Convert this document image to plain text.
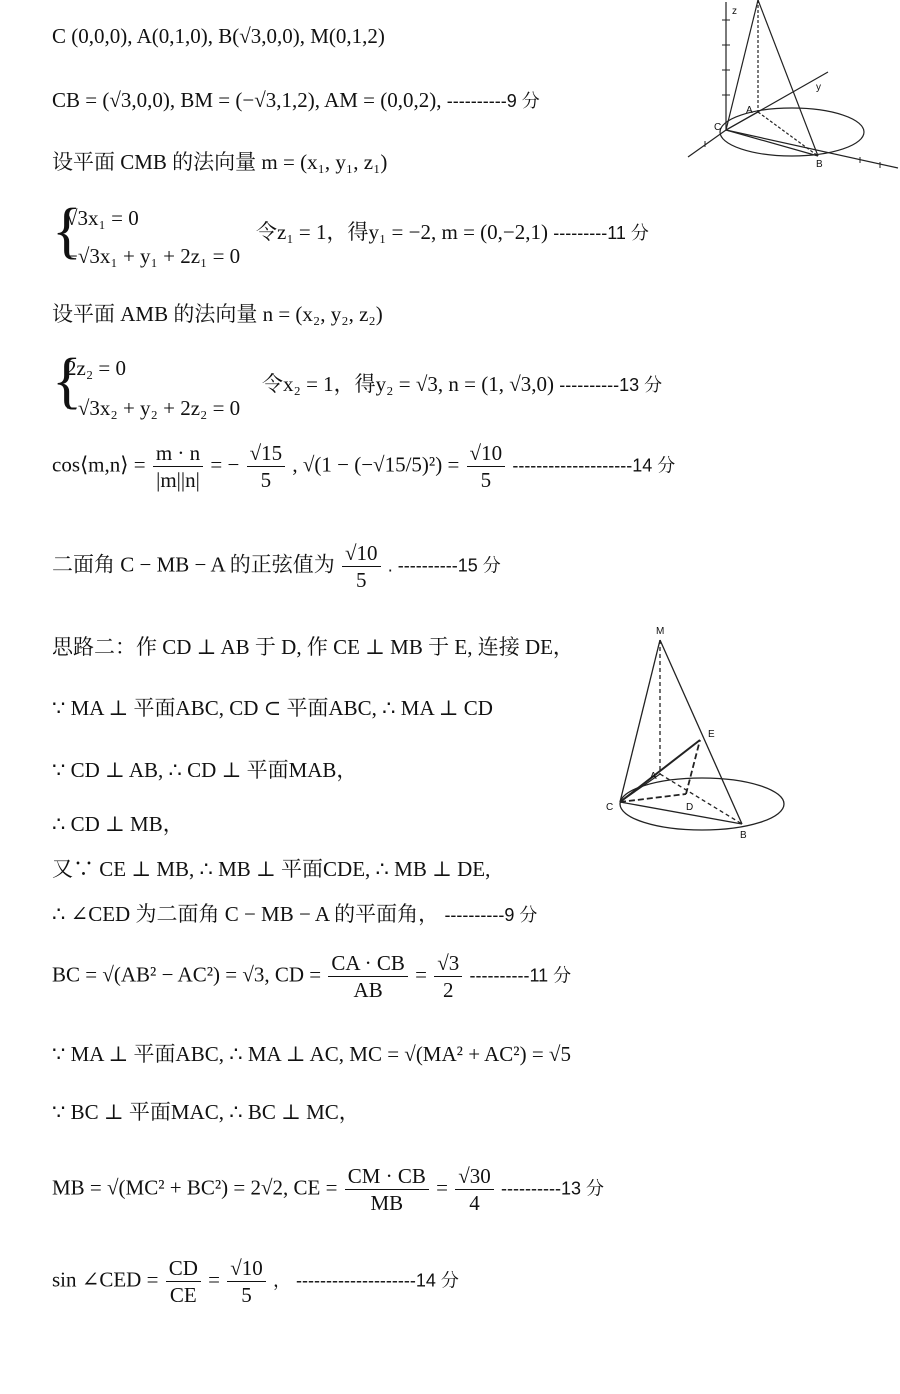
C (0,0,0), A(0,1,0), B(√3,0,0), M(0,1,2)
CB = (√3,0,0), BM = (−√3,1,2), AM = (0,0,2), ----------9 分
设平面 CMB 的法向量 m = (x₁, y₁, z₁)
{
√3x₁ = 0
−√3x₁ + y₁ + 2z₁ = 0
令z₁ = 1，得y₁ = −2, m = (0,−2,1) ---------11 分
设平面 AMB 的法向量 n = (x₂, y₂, z₂)
{
2z₂ = 0
−√3x₂ + y₂ + 2z₂ = 0
令x₂ = 1，得y₂ = √3, n = (1, √3,0) ----------13 分
cos⟨m,n⟩ = $\frac{m \cdot n}{|m||n|}$ = − $\frac{√15}{5}$ , $√(1 - (-√15/5)^2) = \frac{√10}{5} --------------------14$ 分
二面角 C − MB − A 的正弦值为 $\frac{√10}{5}$ . ----------15 分
思路二：作 CD ⊥ AB 于 D, 作 CE ⊥ MB 于 E, 连接 DE，
∵ MA ⊥ 平面ABC, CD ⊂ 平面ABC, ∴ MA ⊥ CD
∵ CD ⊥ AB, ∴ CD ⊥ 平面MAB，
∴ CD ⊥ MB，
又∵ CE ⊥ MB, ∴ MB ⊥ 平面CDE, ∴ MB ⊥ DE,
∴ ∠CED 为二面角 C − MB − A 的平面角， ----------9 分
BC = √(AB² − AC²) = √3, CD = $\frac{CA \cdot CB}{AB} = \frac{√3}{2} ----------11$ 分
∵ MA ⊥ 平面ABC, ∴ MA ⊥ AC, MC = √(MA² + AC²) = √5
∵ BC ⊥ 平面MAC, ∴ BC ⊥ MC，
MB = √(MC² + BC²) = 2√2, CE = $\frac{CM \cdot CB}{MB} = \frac{√30}{4} ----------13$ 分
sin ∠CED = $\frac{CD}{CE} = \frac{√10}{5}$ ， --------------------14 分
z
y
A
B
C
M
E
A
D
B
C
